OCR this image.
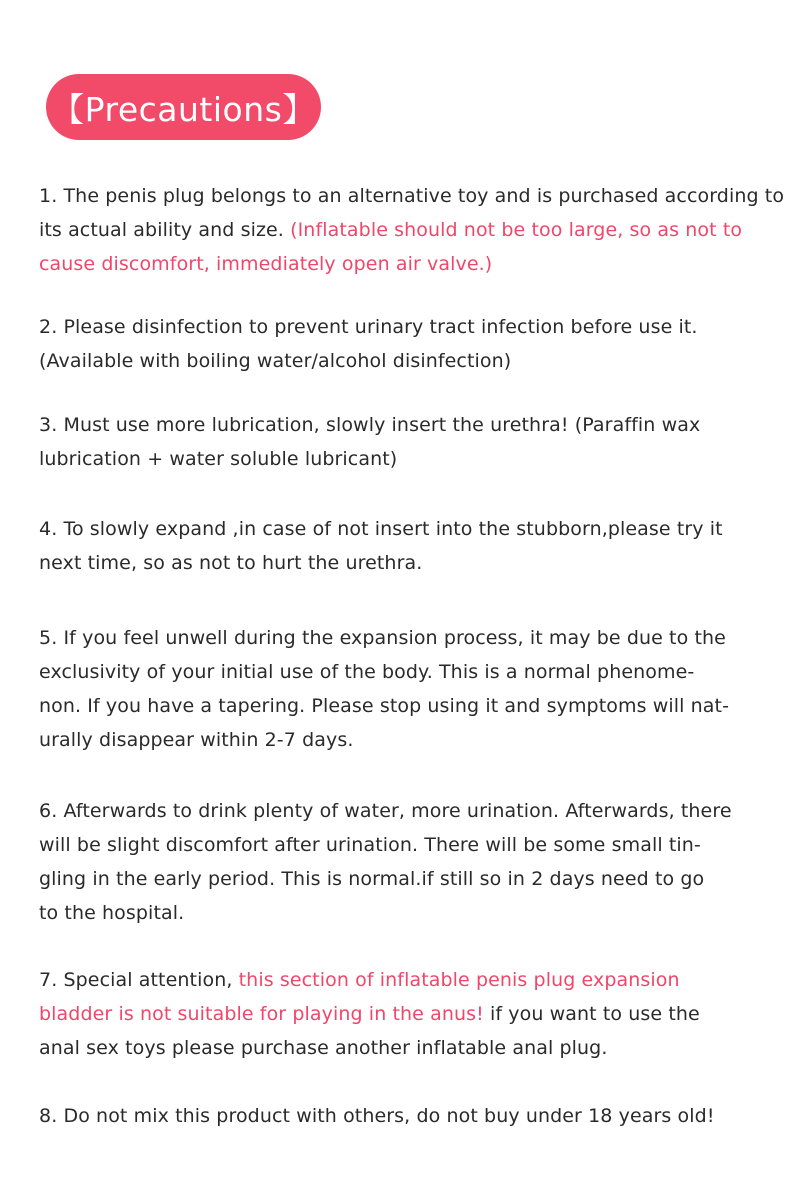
【Precautions】

1. The penis plug belongs to an alternative toy and is purchased according to
its actual ability and size. (Inflatable should not be too large, so as not to
cause discomfort, immediately open air valve.)

2. Please disinfection to prevent urinary tract infection before use it.
(Available with boiling water/alcohol disinfection)

3. Must use more lubrication, slowly insert the urethra! (Paraffin wax
lubrication + water soluble lubricant)

4. To slowly expand ,in case of not insert into the stubborn,please try it
next time, so as not to hurt the urethra.

5. If you feel unwell during the expansion process, it may be due to the
exclusivity of your initial use of the body. This is a normal phenome-
non. If you have a tapering. Please stop using it and symptoms will nat-
urally disappear within 2-7 days.

6. Afterwards to drink plenty of water, more urination. Afterwards, there
will be slight discomfort after urination. There will be some small tin-
gling in the early period. This is normal.if still so in 2 days need to go
to the hospital.

7. Special attention, this section of inflatable penis plug expansion
bladder is not suitable for playing in the anus! if you want to use the
anal sex toys please purchase another inflatable anal plug.

8. Do not mix this product with others, do not buy under 18 years old!
